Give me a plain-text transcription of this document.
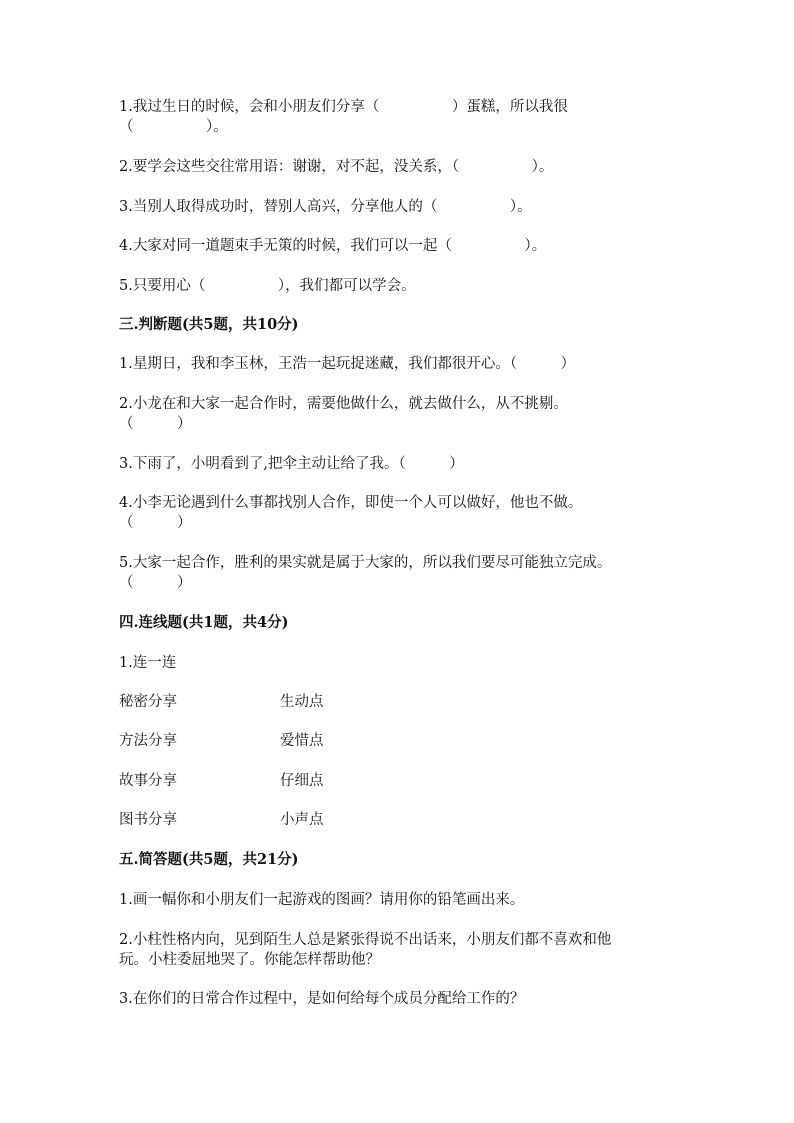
1.我过生日的时候，会和小朋友们分享（　　　　　）蛋糕，所以我很
（　　　　　）。
2.要学会这些交往常用语：谢谢，对不起，没关系，（　　　　　）。
3.当别人取得成功时，替别人高兴，分享他人的（　　　　　）。
4.大家对同一道题束手无策的时候，我们可以一起（　　　　　）。
5.只要用心（　　　　　），我们都可以学会。
三.判断题(共5题，共10分)
1.星期日，我和李玉林，王浩一起玩捉迷藏，我们都很开心。（　　　）
2.小龙在和大家一起合作时，需要他做什么，就去做什么，从不挑剔。
（　　　）
3.下雨了，小明看到了,把伞主动让给了我。（　　　）
4.小李无论遇到什么事都找别人合作，即使一个人可以做好，他也不做。
（　　　）
5.大家一起合作，胜利的果实就是属于大家的，所以我们要尽可能独立完成。
（　　　）
四.连线题(共1题，共4分)
1.连一连
秘密分享	生动点
方法分享	爱惜点
故事分享	仔细点
图书分享	小声点
五.简答题(共5题，共21分)
1.画一幅你和小朋友们一起游戏的图画？请用你的铅笔画出来。
2.小柱性格内向，见到陌生人总是紧张得说不出话来，小朋友们都不喜欢和他
玩。小柱委屈地哭了。你能怎样帮助他？
3.在你们的日常合作过程中，是如何给每个成员分配给工作的？
